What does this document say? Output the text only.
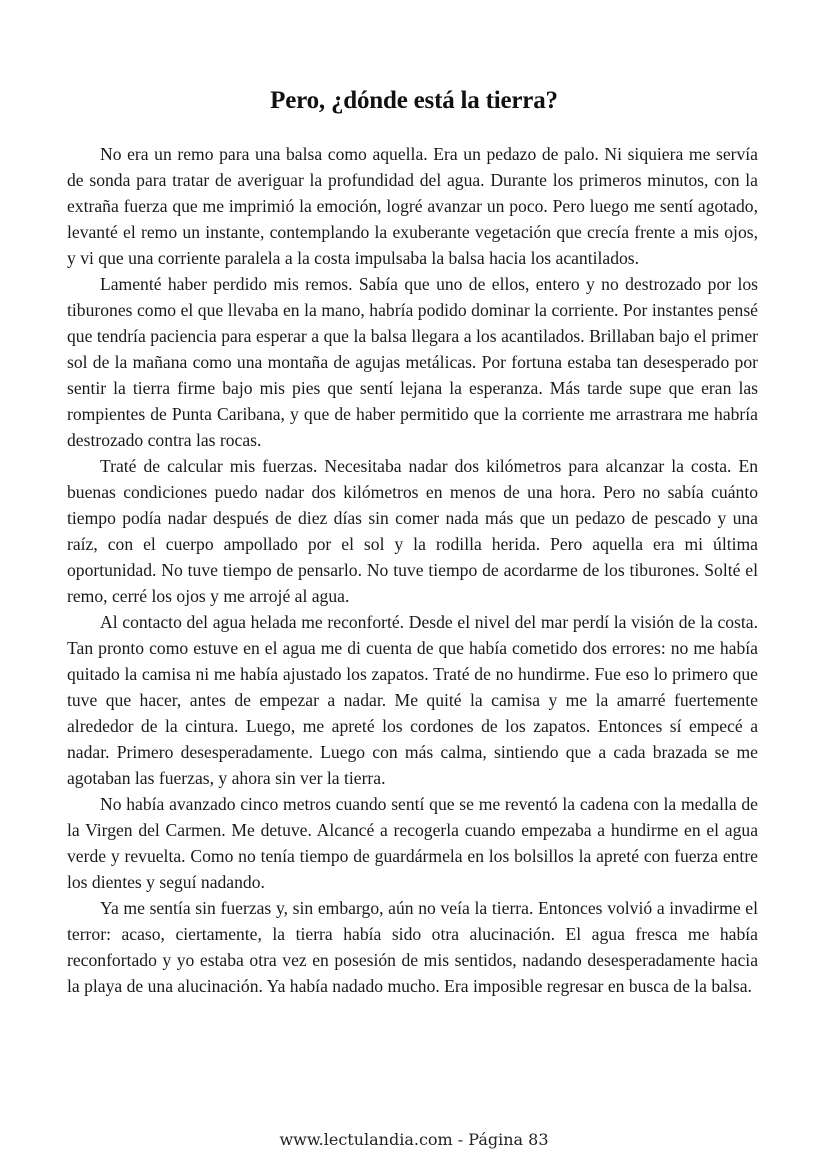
Pero, ¿dónde está la tierra?

No era un remo para una balsa como aquella. Era un pedazo de palo. Ni siquiera me servía de sonda para tratar de averiguar la profundidad del agua. Durante los primeros minutos, con la extraña fuerza que me imprimió la emoción, logré avanzar un poco. Pero luego me sentí agotado, levanté el remo un instante, contemplando la exuberante vegetación que crecía frente a mis ojos, y vi que una corriente paralela a la costa impulsaba la balsa hacia los acantilados.

Lamenté haber perdido mis remos. Sabía que uno de ellos, entero y no destrozado por los tiburones como el que llevaba en la mano, habría podido dominar la corriente. Por instantes pensé que tendría paciencia para esperar a que la balsa llegara a los acantilados. Brillaban bajo el primer sol de la mañana como una montaña de agujas metálicas. Por fortuna estaba tan desesperado por sentir la tierra firme bajo mis pies que sentí lejana la esperanza. Más tarde supe que eran las rompientes de Punta Caribana, y que de haber permitido que la corriente me arrastrara me habría destrozado contra las rocas.

Traté de calcular mis fuerzas. Necesitaba nadar dos kilómetros para alcanzar la costa. En buenas condiciones puedo nadar dos kilómetros en menos de una hora. Pero no sabía cuánto tiempo podía nadar después de diez días sin comer nada más que un pedazo de pescado y una raíz, con el cuerpo ampollado por el sol y la rodilla herida. Pero aquella era mi última oportunidad. No tuve tiempo de pensarlo. No tuve tiempo de acordarme de los tiburones. Solté el remo, cerré los ojos y me arrojé al agua.

Al contacto del agua helada me reconforté. Desde el nivel del mar perdí la visión de la costa. Tan pronto como estuve en el agua me di cuenta de que había cometido dos errores: no me había quitado la camisa ni me había ajustado los zapatos. Traté de no hundirme. Fue eso lo primero que tuve que hacer, antes de empezar a nadar. Me quité la camisa y me la amarré fuertemente alrededor de la cintura. Luego, me apreté los cordones de los zapatos. Entonces sí empecé a nadar. Primero desesperadamente. Luego con más calma, sintiendo que a cada brazada se me agotaban las fuerzas, y ahora sin ver la tierra.

No había avanzado cinco metros cuando sentí que se me reventó la cadena con la medalla de la Virgen del Carmen. Me detuve. Alcancé a recogerla cuando empezaba a hundirme en el agua verde y revuelta. Como no tenía tiempo de guardármela en los bolsillos la apreté con fuerza entre los dientes y seguí nadando.

Ya me sentía sin fuerzas y, sin embargo, aún no veía la tierra. Entonces volvió a invadirme el terror: acaso, ciertamente, la tierra había sido otra alucinación. El agua fresca me había reconfortado y yo estaba otra vez en posesión de mis sentidos, nadando desesperadamente hacia la playa de una alucinación. Ya había nadado mucho. Era imposible regresar en busca de la balsa.

www.lectulandia.com - Página 83
